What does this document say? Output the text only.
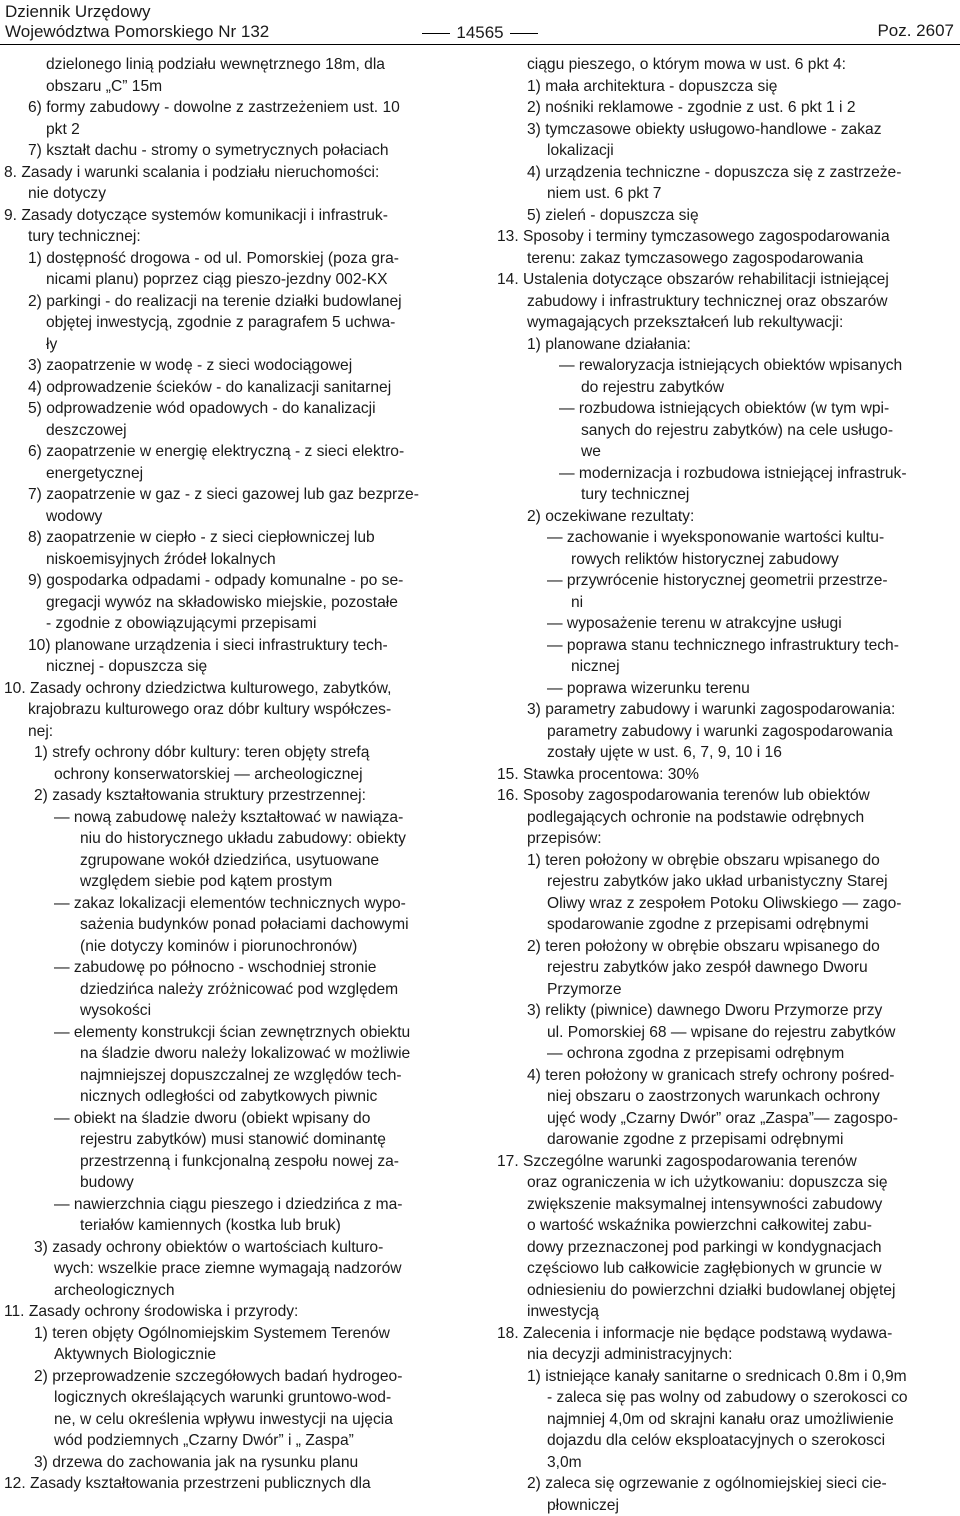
Dziennik Urzędowy
Województwa Pomorskiego Nr 132	14565	Poz. 2607
dzielonego linią podziału wewnętrznego 18m, dla
obszaru „C” 15m
6) formy zabudowy - dowolne z zastrzeżeniem ust. 10
pkt 2
7) kształt dachu - stromy o symetrycznych połaciach
8. Zasady i warunki scalania i podziału nieruchomości:
nie dotyczy
9. Zasady dotyczące systemów komunikacji i infrastruk-
tury technicznej:
1) dostępność drogowa - od ul. Pomorskiej (poza gra-
nicami planu) poprzez ciąg pieszo-jezdny 002-KX
2) parkingi - do realizacji na terenie działki budowlanej
objętej inwestycją, zgodnie z paragrafem 5 uchwa-
ły
3) zaopatrzenie w wodę - z sieci wodociągowej
4) odprowadzenie ścieków - do kanalizacji sanitarnej
5) odprowadzenie wód opadowych - do kanalizacji
deszczowej
6) zaopatrzenie w energię elektryczną - z sieci elektro-
energetycznej
7) zaopatrzenie w gaz - z sieci gazowej lub gaz bezprze-
wodowy
8) zaopatrzenie w ciepło - z sieci ciepłowniczej lub
niskoemisyjnych źródeł lokalnych
9) gospodarka odpadami - odpady komunalne - po se-
gregacji wywóz na składowisko miejskie, pozostałe
- zgodnie z obowiązującymi przepisami
10) planowane urządzenia i sieci infrastruktury tech-
nicznej - dopuszcza się
10. Zasady ochrony dziedzictwa kulturowego, zabytków,
krajobrazu kulturowego oraz dóbr kultury współczes-
nej:
1) strefy ochrony dóbr kultury: teren objęty strefą
ochrony konserwatorskiej — archeologicznej
2) zasady kształtowania struktury przestrzennej:
— nową zabudowę należy kształtować w nawiąza-
niu do historycznego układu zabudowy: obiekty
zgrupowane wokół dziedzińca, usytuowane
względem siebie pod kątem prostym
— zakaz lokalizacji elementów technicznych wypo-
sażenia budynków ponad połaciami dachowymi
(nie dotyczy kominów i piorunochronów)
— zabudowę po północno - wschodniej stronie
dziedzińca należy zróżnicować pod względem
wysokości
— elementy konstrukcji ścian zewnętrznych obiektu
na śladzie dworu należy lokalizować w możliwie
najmniejszej dopuszczalnej ze względów tech-
nicznych odległości od zabytkowych piwnic
— obiekt na śladzie dworu (obiekt wpisany do
rejestru zabytków) musi stanowić dominantę
przestrzenną i funkcjonalną zespołu nowej za-
budowy
— nawierzchnia ciągu pieszego i dziedzińca z ma-
teriałów kamiennych (kostka lub bruk)
3) zasady ochrony obiektów o wartościach kulturo-
wych: wszelkie prace ziemne wymagają nadzorów
archeologicznych
11. Zasady ochrony środowiska i przyrody:
1) teren objęty Ogólnomiejskim Systemem Terenów
Aktywnych Biologicznie
2) przeprowadzenie szczegółowych badań hydrogeo-
logicznych określających warunki gruntowo-wod-
ne, w celu określenia wpływu inwestycji na ujęcia
wód podziemnych „Czarny Dwór” i „ Zaspa”
3) drzewa do zachowania jak na rysunku planu
12. Zasady kształtowania przestrzeni publicznych dla
ciągu pieszego, o którym mowa w ust. 6 pkt 4:
1) mała architektura - dopuszcza się
2) nośniki reklamowe - zgodnie z ust. 6 pkt 1 i 2
3) tymczasowe obiekty usługowo-handlowe - zakaz
lokalizacji
4) urządzenia techniczne - dopuszcza się z zastrzeże-
niem ust. 6 pkt 7
5) zieleń - dopuszcza się
13. Sposoby i terminy tymczasowego zagospodarowania
terenu: zakaz tymczasowego zagospodarowania
14. Ustalenia dotyczące obszarów rehabilitacji istniejącej
zabudowy i infrastruktury technicznej oraz obszarów
wymagających przekształceń lub rekultywacji:
1) planowane działania:
— rewaloryzacja istniejących obiektów wpisanych
do rejestru zabytków
— rozbudowa istniejących obiektów (w tym wpi-
sanych do rejestru zabytków) na cele usługo-
we
— modernizacja i rozbudowa istniejącej infrastruk-
tury technicznej
2) oczekiwane rezultaty:
— zachowanie i wyeksponowanie wartości kultu-
rowych reliktów historycznej zabudowy
— przywrócenie historycznej geometrii przestrze-
ni
— wyposażenie terenu w atrakcyjne usługi
— poprawa stanu technicznego infrastruktury tech-
nicznej
— poprawa wizerunku terenu
3) parametry zabudowy i warunki zagospodarowania:
parametry zabudowy i warunki zagospodarowania
zostały ujęte w ust. 6, 7, 9, 10 i 16
15. Stawka procentowa: 30%
16. Sposoby zagospodarowania terenów lub obiektów
podlegających ochronie na podstawie odrębnych
przepisów:
1) teren położony w obrębie obszaru wpisanego do
rejestru zabytków jako układ urbanistyczny Starej
Oliwy wraz z zespołem Potoku Oliwskiego — zago-
spodarowanie zgodne z przepisami odrębnymi
2) teren położony w obrębie obszaru wpisanego do
rejestru zabytków jako zespół dawnego Dworu
Przymorze
3) relikty (piwnice) dawnego Dworu Przymorze przy
ul. Pomorskiej 68 — wpisane do rejestru zabytków
— ochrona zgodna z przepisami odrębnym
4) teren położony w granicach strefy ochrony pośred-
niej obszaru o zaostrzonych warunkach ochrony
ujęć wody „Czarny Dwór” oraz „Zaspa”— zagospo-
darowanie zgodne z przepisami odrębnymi
17. Szczególne warunki zagospodarowania terenów
oraz ograniczenia w ich użytkowaniu: dopuszcza się
zwiększenie maksymalnej intensywności zabudowy
o wartość wskaźnika powierzchni całkowitej zabu-
dowy przeznaczonej pod parkingi w kondygnacjach
częściowo lub całkowicie zagłębionych w gruncie w
odniesieniu do powierzchni działki budowlanej objętej
inwestycją
18. Zalecenia i informacje nie będące podstawą wydawa-
nia decyzji administracyjnych:
1) istniejące kanały sanitarne o srednicach 0.8m i 0,9m
- zaleca się pas wolny od zabudowy o szerokosci co
najmniej 4,0m od skrajni kanału oraz umożliwienie
dojazdu dla celów eksploatacyjnych o szerokosci
3,0m
2) zaleca się ogrzewanie z ogólnomiejskiej sieci cie-
płowniczej
